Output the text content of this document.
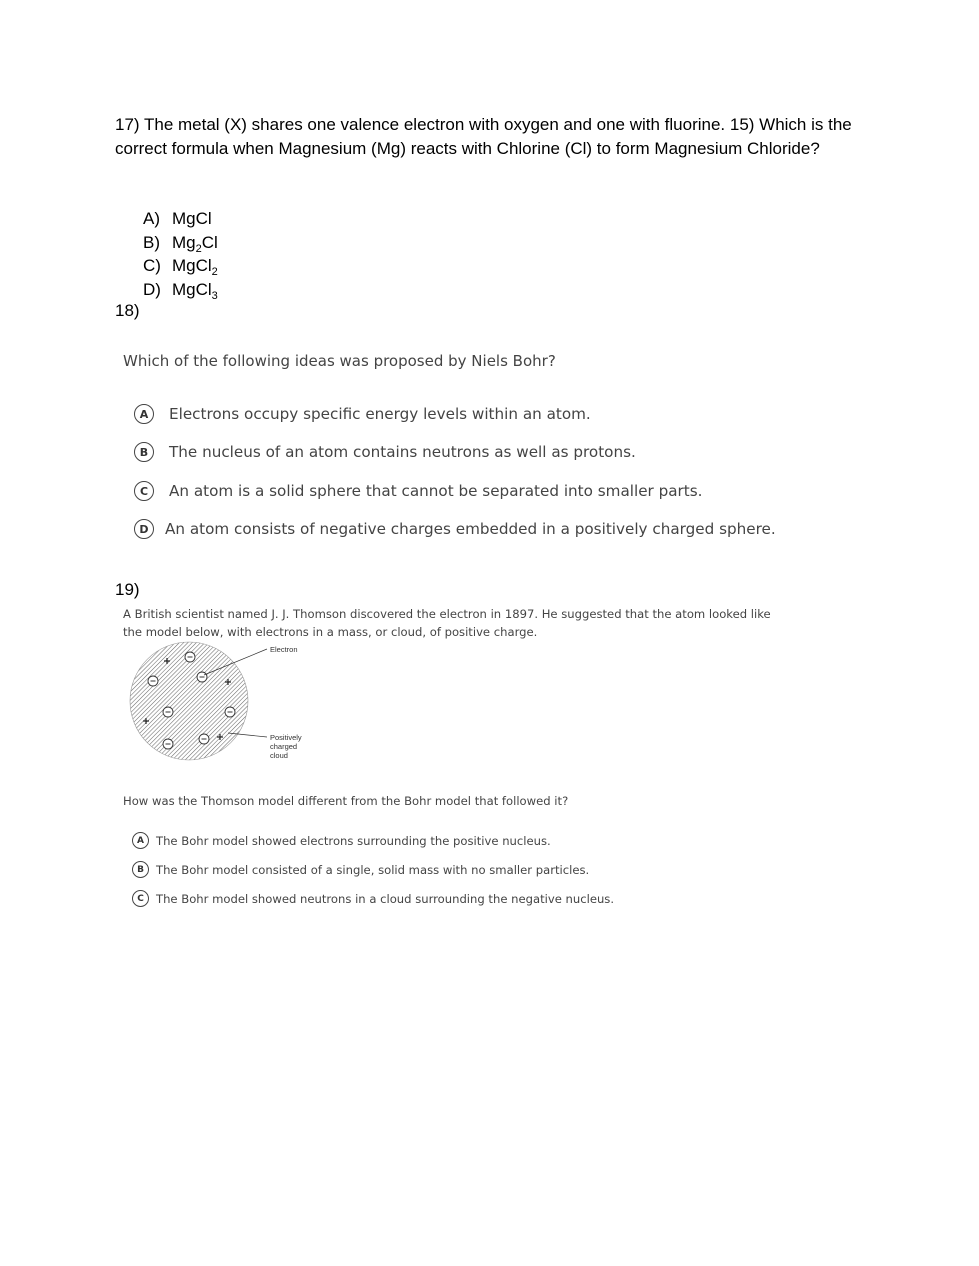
17) The metal (X) shares one valence electron with oxygen and one with fluorine. 15) Which is the correct formula when Magnesium (Mg) reacts with Chlorine (Cl) to form Magnesium Chloride?
A) MgCl
B) $Mg_2Cl$
C) MgCl$_2$
D) MgCl$_3$
18)
Which of the following ideas was proposed by Niels Bohr?
A	Electrons occupy specific energy levels within an atom.
B	The nucleus of an atom contains neutrons as well as protons.
C	An atom is a solid sphere that cannot be separated into smaller parts.
D	An atom consists of negative charges embedded in a positively charged sphere.
19)
A British scientist named J. J. Thomson discovered the electron in 1897. He suggested that the atom looked like the model below, with electrons in a mass, or cloud, of positive charge.
Electron
Positively charged cloud
How was the Thomson model different from the Bohr model that followed it?
A	The Bohr model showed electrons surrounding the positive nucleus.
B	The Bohr model consisted of a single, solid mass with no smaller particles.
C	The Bohr model showed neutrons in a cloud surrounding the negative nucleus.
